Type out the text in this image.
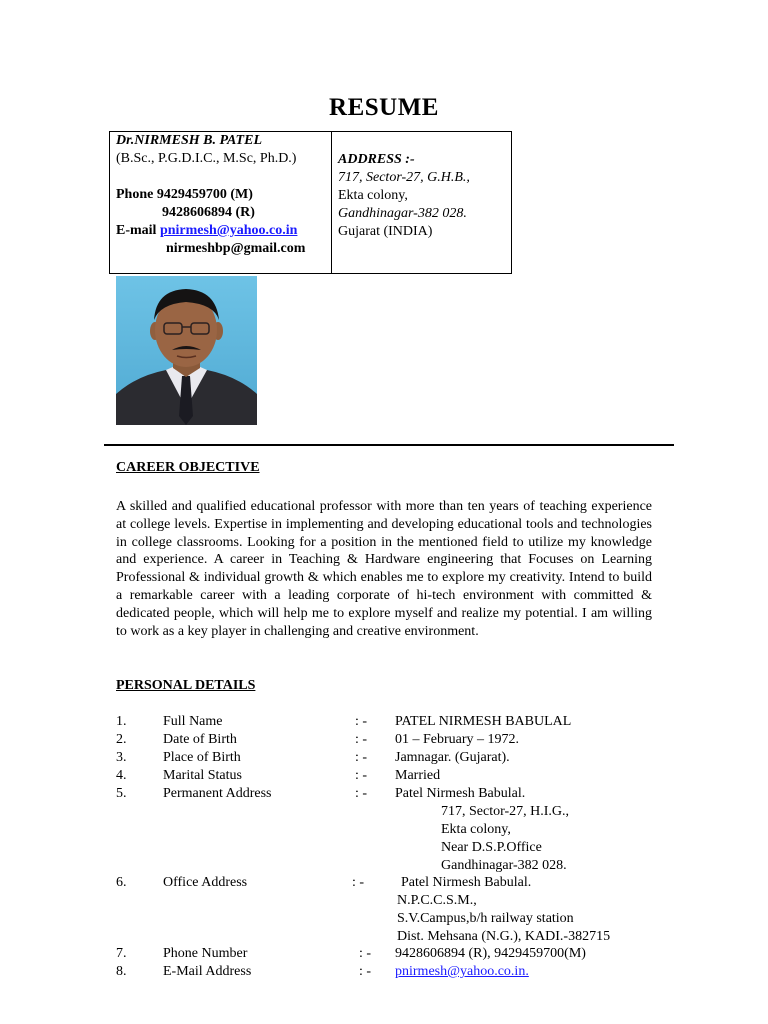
RESUME
Dr.NIRMESH B. PATEL
(B.Sc., P.G.D.I.C., M.Sc, Ph.D.)
Phone 9429459700 (M)
9428606894 (R)
E-mail pnirmesh@yahoo.co.in
nirmeshbp@gmail.com
ADDRESS :-
717, Sector-27, G.H.B.,
Ekta colony,
Gandhinagar-382 028.
Gujarat (INDIA)
CAREER OBJECTIVE
A skilled and qualified educational professor with more than ten years of teaching experience at college levels. Expertise in implementing and developing educational tools and technologies in college classrooms. Looking for a position in the mentioned field to utilize my knowledge and experience. A career in Teaching & Hardware engineering that Focuses on Learning Professional & individual growth & which enables me to explore my creativity. Intend to build a remarkable career with a leading corporate of hi-tech environment with committed & dedicated people, which will help me to explore myself and realize my potential. I am willing to work as a key player in challenging and creative environment.
PERSONAL DETAILS
1.	Full Name	: - PATEL NIRMESH BABULAL
2.	Date of Birth	: - 01 – February – 1972.
3.	Place of Birth	: - Jamnagar. (Gujarat).
4.	Marital Status	: - Married
5.	Permanent Address	: - Patel Nirmesh Babulal.
717, Sector-27, H.I.G.,
Ekta colony,
Near D.S.P.Office
Gandhinagar-382 028.
6.	Office Address	: -	Patel Nirmesh Babulal.
N.P.C.C.S.M.,
S.V.Campus,b/h railway station
Dist. Mehsana (N.G.), KADI.-382715
7.	Phone Number	: - 9428606894 (R), 9429459700(M)
8.	E-Mail Address	: - pnirmesh@yahoo.co.in.
